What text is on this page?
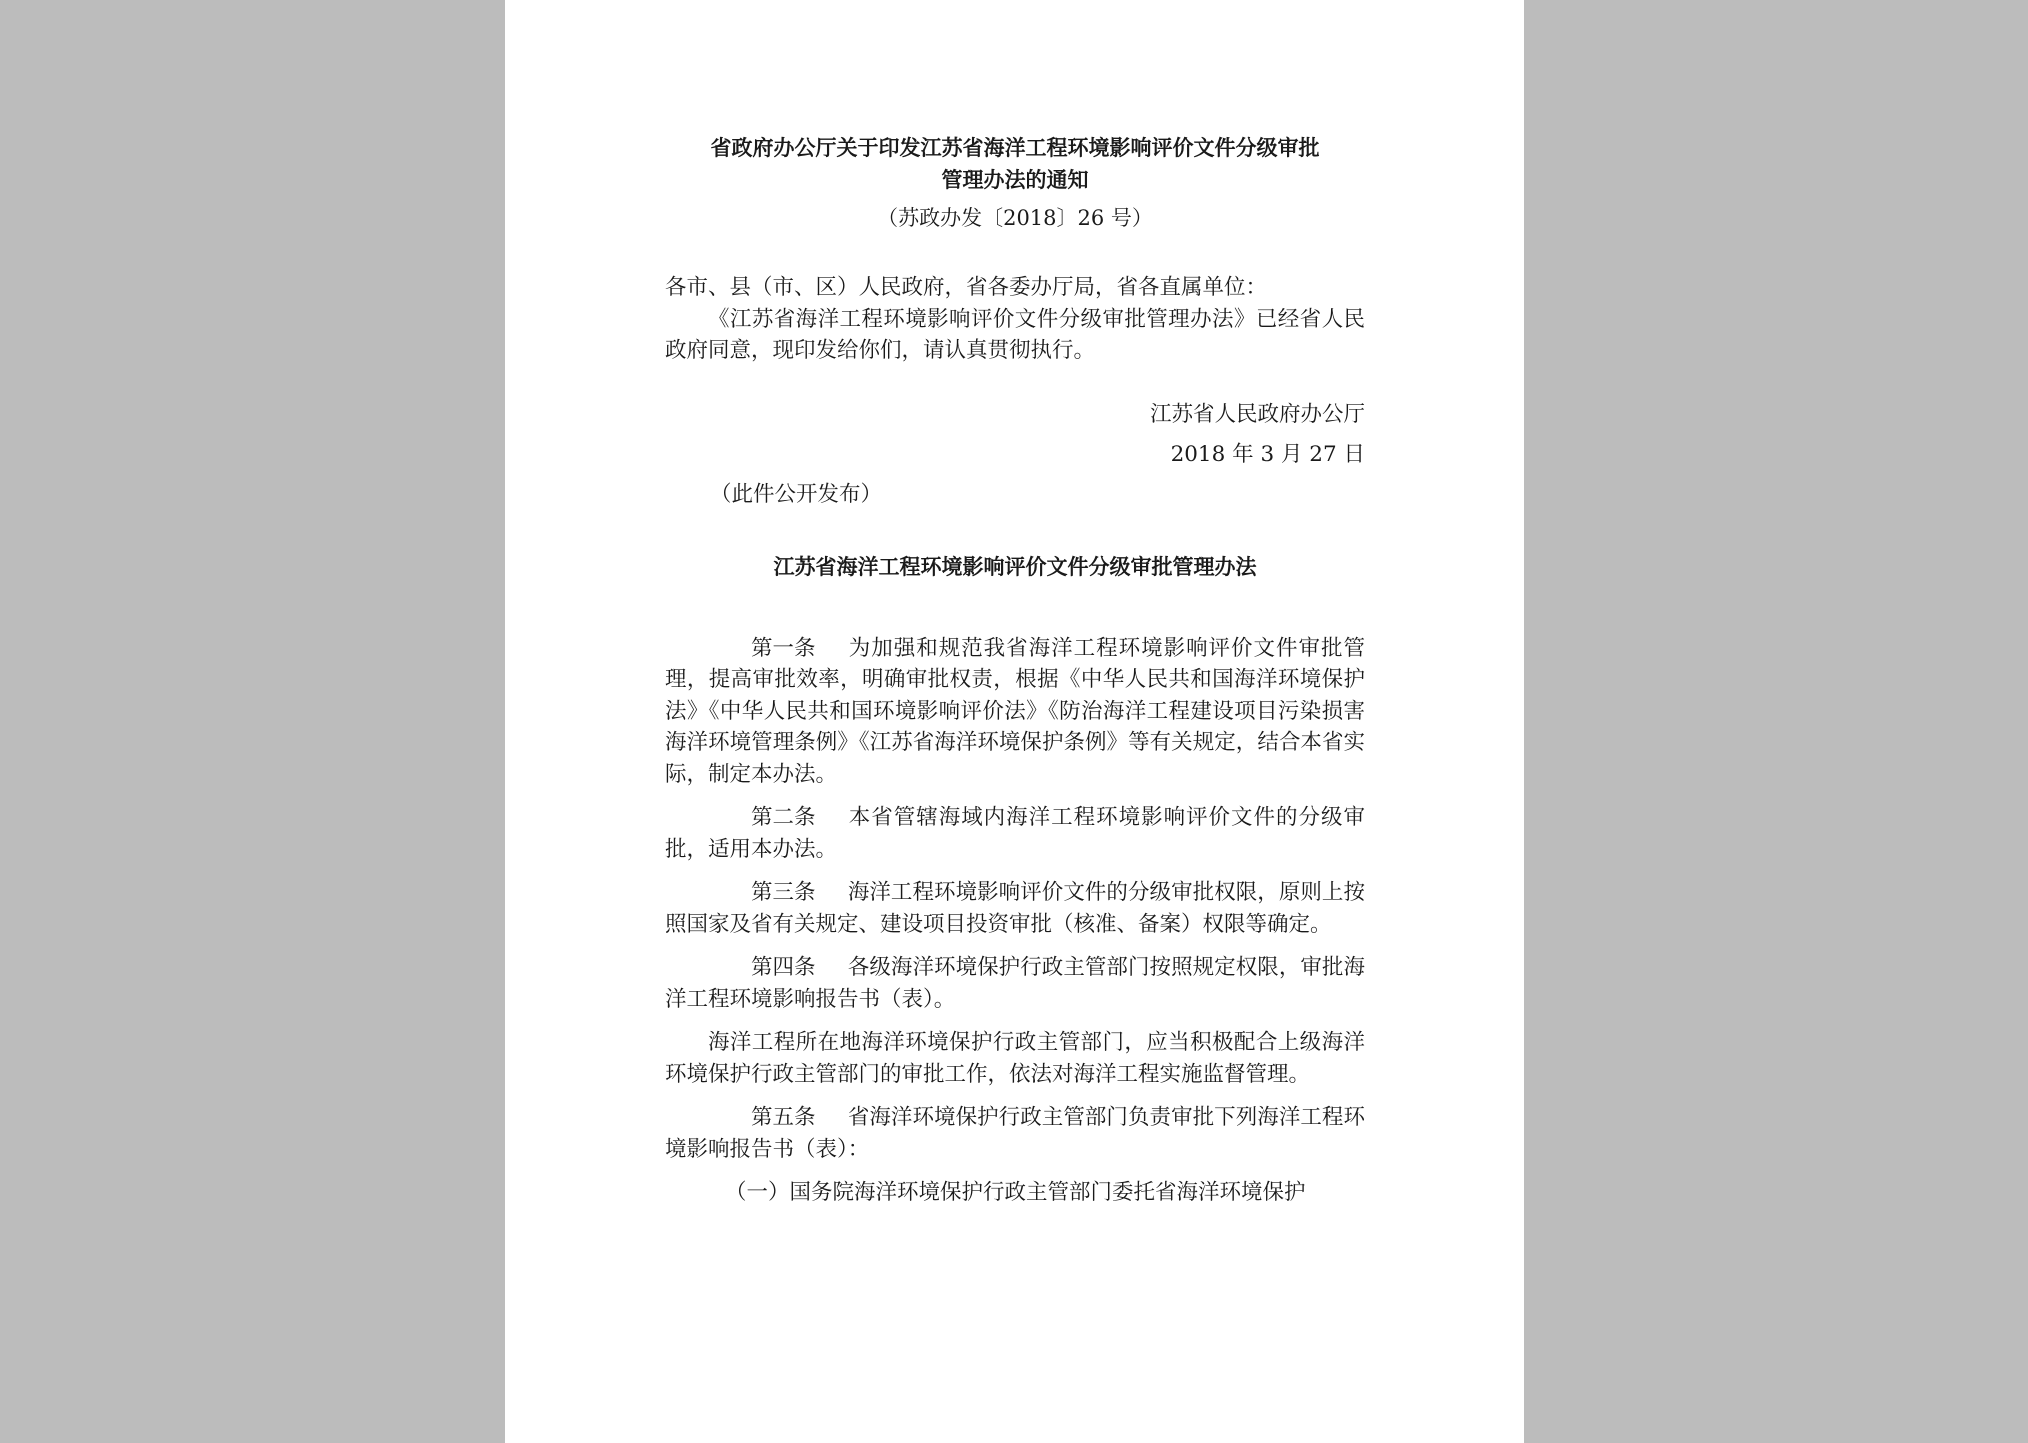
省政府办公厅关于印发江苏省海洋工程环境影响评价文件分级审批
管理办法的通知
（苏政办发〔2018〕26 号）

各市、县（市、区）人民政府，省各委办厅局，省各直属单位：

《江苏省海洋工程环境影响评价文件分级审批管理办法》已经省人民政府同意，现印发给你们，请认真贯彻执行。

江苏省人民政府办公厅
2018 年 3 月 27 日
（此件公开发布）
江苏省海洋工程环境影响评价文件分级审批管理办法

第一条 为加强和规范我省海洋工程环境影响评价文件审批管理，提高审批效率，明确审批权责，根据《中华人民共和国海洋环境保护法》《中华人民共和国环境影响评价法》《防治海洋工程建设项目污染损害海洋环境管理条例》《江苏省海洋环境保护条例》等有关规定，结合本省实际，制定本办法。

第二条 本省管辖海域内海洋工程环境影响评价文件的分级审批，适用本办法。

第三条 海洋工程环境影响评价文件的分级审批权限，原则上按照国家及省有关规定、建设项目投资审批（核准、备案）权限等确定。

第四条 各级海洋环境保护行政主管部门按照规定权限，审批海洋工程环境影响报告书（表）。

海洋工程所在地海洋环境保护行政主管部门，应当积极配合上级海洋环境保护行政主管部门的审批工作，依法对海洋工程实施监督管理。

第五条 省海洋环境保护行政主管部门负责审批下列海洋工程环境影响报告书（表）：

（一）国务院海洋环境保护行政主管部门委托省海洋环境保护
